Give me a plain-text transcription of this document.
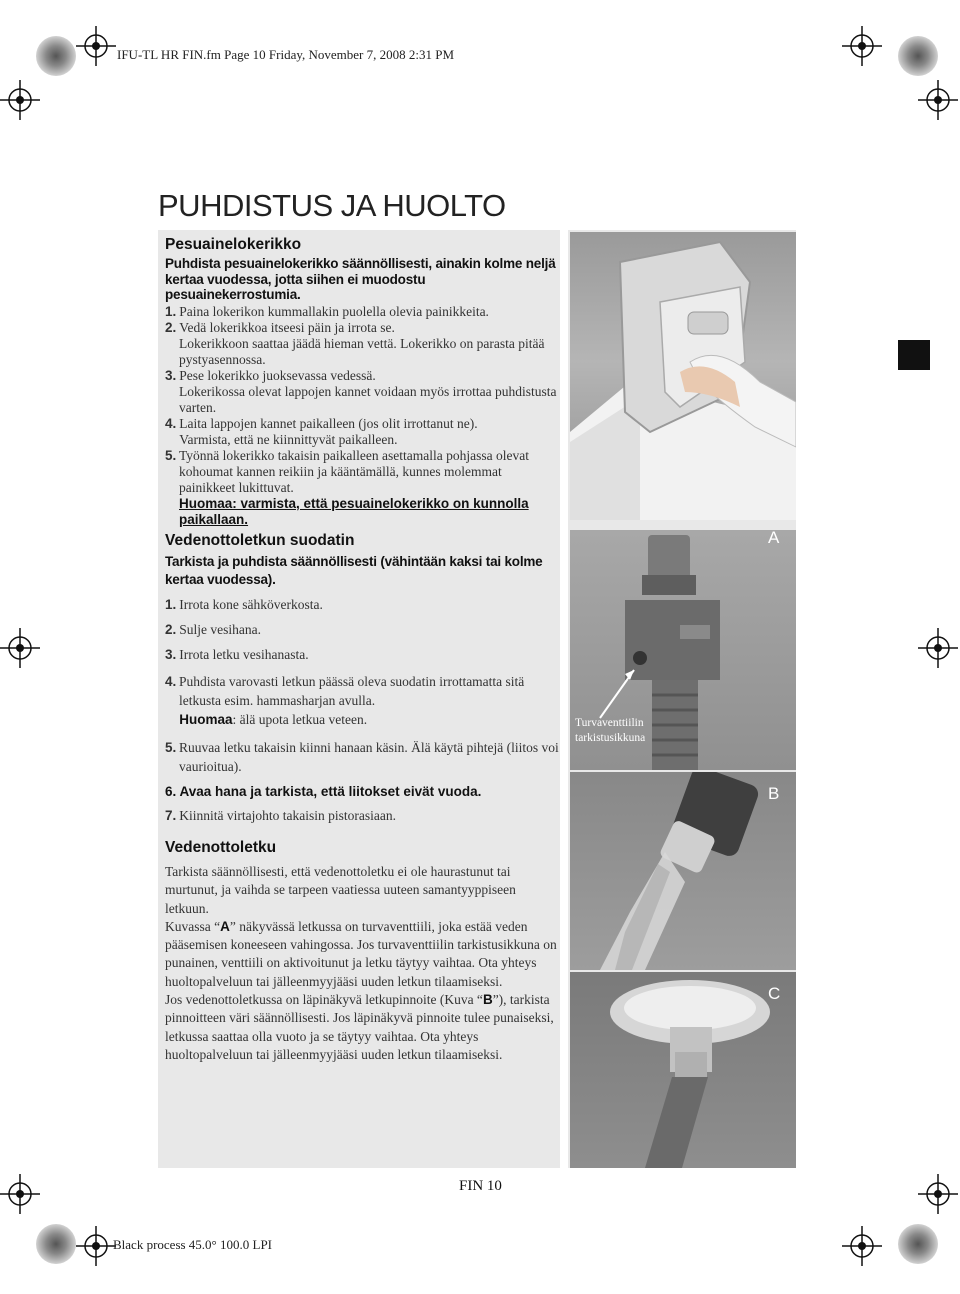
IFU-TL HR FIN.fm Page 10 Friday, November 7, 2008 2:31 PM
Black process 45.0° 100.0 LPI
PUHDISTUS JA HUOLTO
Pesuainelokerikko

Puhdista pesuainelokerikko säännöllisesti, ainakin kolme neljä kertaa vuodessa, jotta siihen ei muodostu pesuainekerrostumia.

1. Paina lokerikon kummallakin puolella olevia painikkeita.
2. Vedä lokerikkoa itseesi päin ja irrota se.
Lokerikkoon saattaa jäädä hieman vettä. Lokerikko on parasta pitää pystyasennossa.
3. Pese lokerikko juoksevassa vedessä.
Lokerikossa olevat lappojen kannet voidaan myös irrottaa puhdistusta varten.
4. Laita lappojen kannet paikalleen (jos olit irrottanut ne).
Varmista, että ne kiinnittyvät paikalleen.
5. Työnnä lokerikko takaisin paikalleen asettamalla pohjassa olevat kohoumat kannen reikiin ja kääntämällä, kunnes molemmat painikkeet lukittuvat.
Huomaa: varmista, että pesuainelokerikko on kunnolla paikallaan.
Vedenottoletkun suodatin

Tarkista ja puhdista säännöllisesti (vähintään kaksi tai kolme kertaa vuodessa).

1. Irrota kone sähköverkosta.
2. Sulje vesihana.
3. Irrota letku vesihanasta.
4. Puhdista varovasti letkun päässä oleva suodatin irrottamatta sitä letkusta esim. hammasharjan avulla.
Huomaa: älä upota letkua veteen.
5. Ruuvaa letku takaisin kiinni hanaan käsin. Älä käytä pihtejä (liitos voi vaurioitua).
6. Avaa hana ja tarkista, että liitokset eivät vuoda.
7. Kiinnitä virtajohto takaisin pistorasiaan.
Vedenottoletku

Tarkista säännöllisesti, että vedenottoletku ei ole haurastunut tai murtunut, ja vaihda se tarpeen vaatiessa uuteen samantyyppiseen letkuun.

Kuvassa “A” näkyvässä letkussa on turvaventtiili, joka estää veden pääsemisen koneeseen vahingossa. Jos turvaventtiilin tarkistusikkuna on punainen, venttiili on aktivoitunut ja letku täytyy vaihtaa. Ota yhteys huoltopalveluun tai jälleenmyyjääsi uuden letkun tilaamiseksi.

Jos vedenottoletkussa on läpinäkyvä letkupinnoite (Kuva “B”), tarkista pinnoitteen väri säännöllisesti. Jos läpinäkyvä pinnoite tulee punaiseksi, letkussa saattaa olla vuoto ja se täytyy vaihtaa. Ota yhteys huoltopalveluun tai jälleenmyyjääsi uuden letkun tilaamiseksi.

A
B
C
Turvaventtiilin
tarkistusikkuna
FIN 10
